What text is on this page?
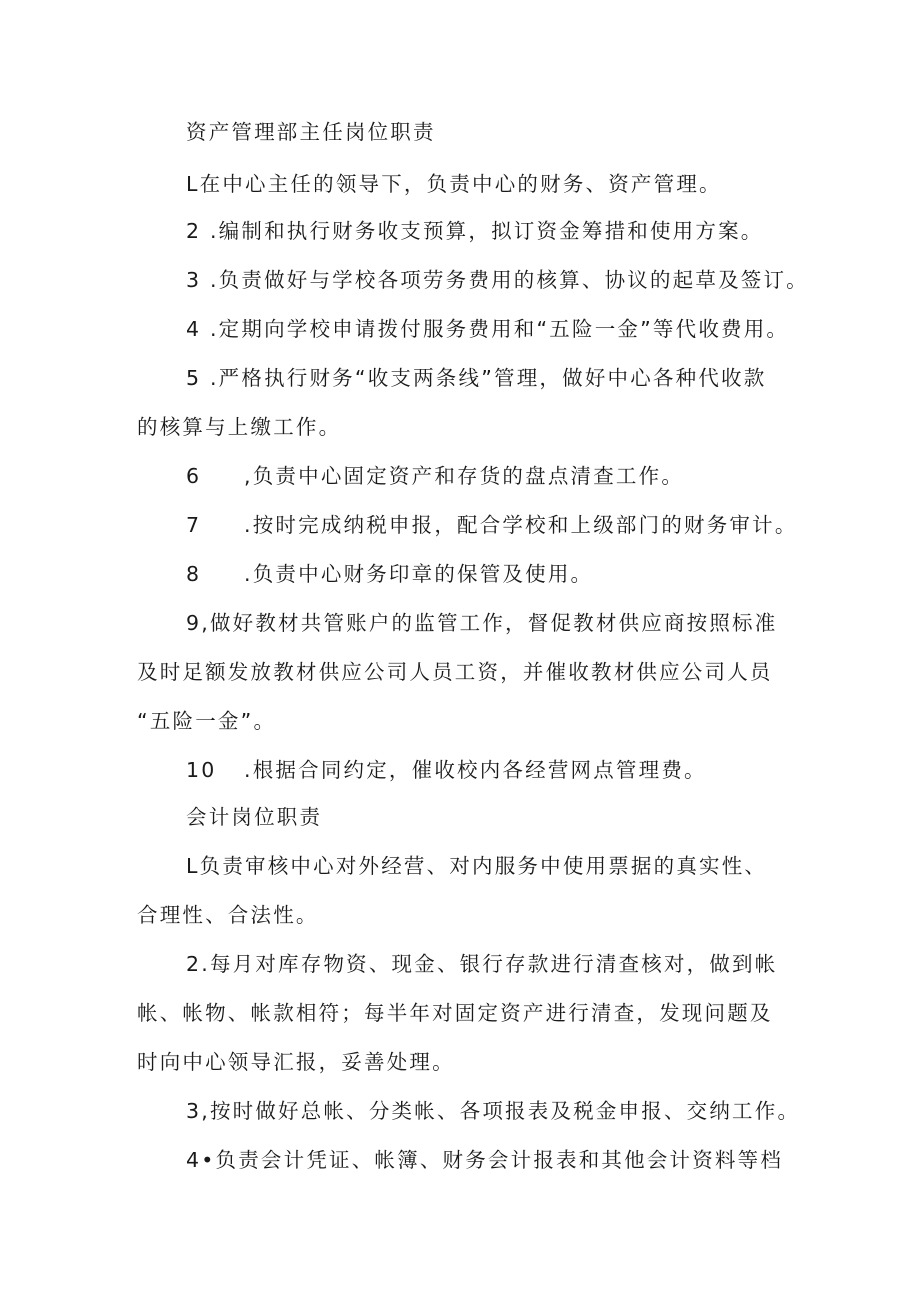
资产管理部主任岗位职责
L在中心主任的领导下，负责中心的财务、资产管理。
2 .编制和执行财务收支预算，拟订资金筹措和使用方案。
3 .负责做好与学校各项劳务费用的核算、协议的起草及签订。
4 .定期向学校申请拨付服务费用和“五险一金”等代收费用。
5 .严格执行财务“收支两条线”管理，做好中心各种代收款
的核算与上缴工作。
6 ,负责中心固定资产和存货的盘点清查工作。
7 .按时完成纳税申报，配合学校和上级部门的财务审计。
8 .负责中心财务印章的保管及使用。
9,做好教材共管账户的监管工作，督促教材供应商按照标准
及时足额发放教材供应公司人员工资，并催收教材供应公司人员
“五险一金”。
10 .根据合同约定，催收校内各经营网点管理费。
会计岗位职责
L负责审核中心对外经营、对内服务中使用票据的真实性、
合理性、合法性。
2.每月对库存物资、现金、银行存款进行清查核对，做到帐
帐、帐物、帐款相符；每半年对固定资产进行清查，发现问题及
时向中心领导汇报，妥善处理。
3,按时做好总帐、分类帐、各项报表及税金申报、交纳工作。
4•负责会计凭证、帐簿、财务会计报表和其他会计资料等档
